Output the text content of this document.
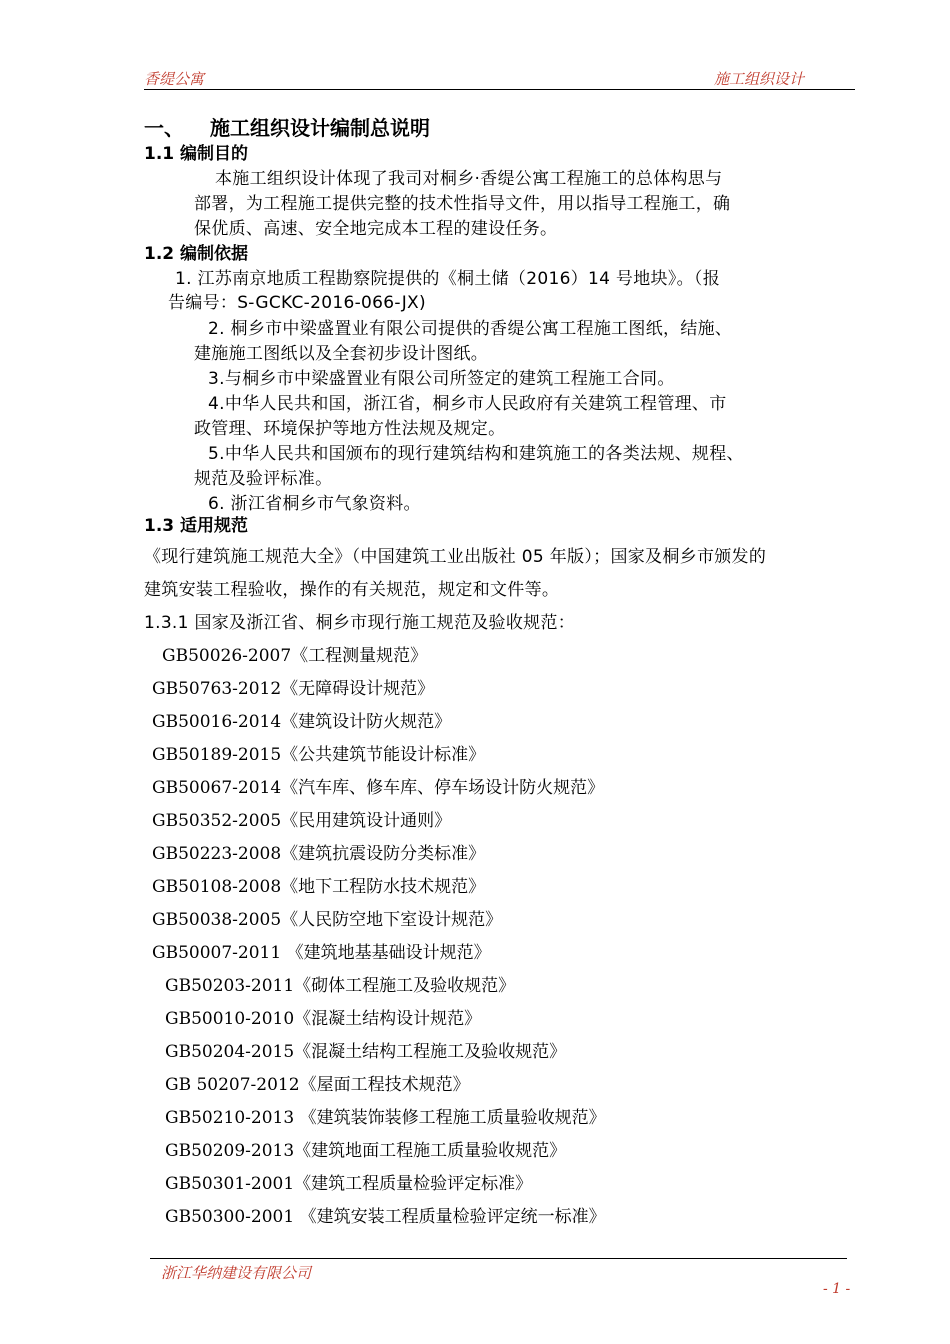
香缇公寓	施工组织设计
一、 施工组织设计编制总说明
1.1 编制目的
本施工组织设计体现了我司对桐乡·香缇公寓工程施工的总体构思与
部署，为工程施工提供完整的技术性指导文件，用以指导工程施工，确
保优质、高速、安全地完成本工程的建设任务。
1.2 编制依据
1. 江苏南京地质工程勘察院提供的《桐土储（2016）14 号地块》。（报
告编号：S-GCKC-2016-066-JX)
2. 桐乡市中梁盛置业有限公司提供的香缇公寓工程施工图纸，结施、
建施施工图纸以及全套初步设计图纸。
3.与桐乡市中梁盛置业有限公司所签定的建筑工程施工合同。
4.中华人民共和国，浙江省，桐乡市人民政府有关建筑工程管理、市
政管理、环境保护等地方性法规及规定。
5.中华人民共和国颁布的现行建筑结构和建筑施工的各类法规、规程、
规范及验评标准。
6. 浙江省桐乡市气象资料。
1.3 适用规范
《现行建筑施工规范大全》（中国建筑工业出版社 05 年版）；国家及桐乡市颁发的
建筑安装工程验收，操作的有关规范，规定和文件等。
1.3.1 国家及浙江省、桐乡市现行施工规范及验收规范：
GB50026-2007《工程测量规范》
GB50763-2012《无障碍设计规范》
GB50016-2014《建筑设计防火规范》
GB50189-2015《公共建筑节能设计标准》
GB50067-2014《汽车库、修车库、停车场设计防火规范》
GB50352-2005《民用建筑设计通则》
GB50223-2008《建筑抗震设防分类标准》
GB50108-2008《地下工程防水技术规范》
GB50038-2005《人民防空地下室设计规范》
GB50007-2011 《建筑地基基础设计规范》
GB50203-2011《砌体工程施工及验收规范》
GB50010-2010《混凝土结构设计规范》
GB50204-2015《混凝土结构工程施工及验收规范》
GB 50207-2012《屋面工程技术规范》
GB50210-2013 《建筑装饰装修工程施工质量验收规范》
GB50209-2013《建筑地面工程施工质量验收规范》
GB50301-2001《建筑工程质量检验评定标准》
GB50300-2001 《建筑安装工程质量检验评定统一标准》
浙江华纳建设有限公司
- 1 -
